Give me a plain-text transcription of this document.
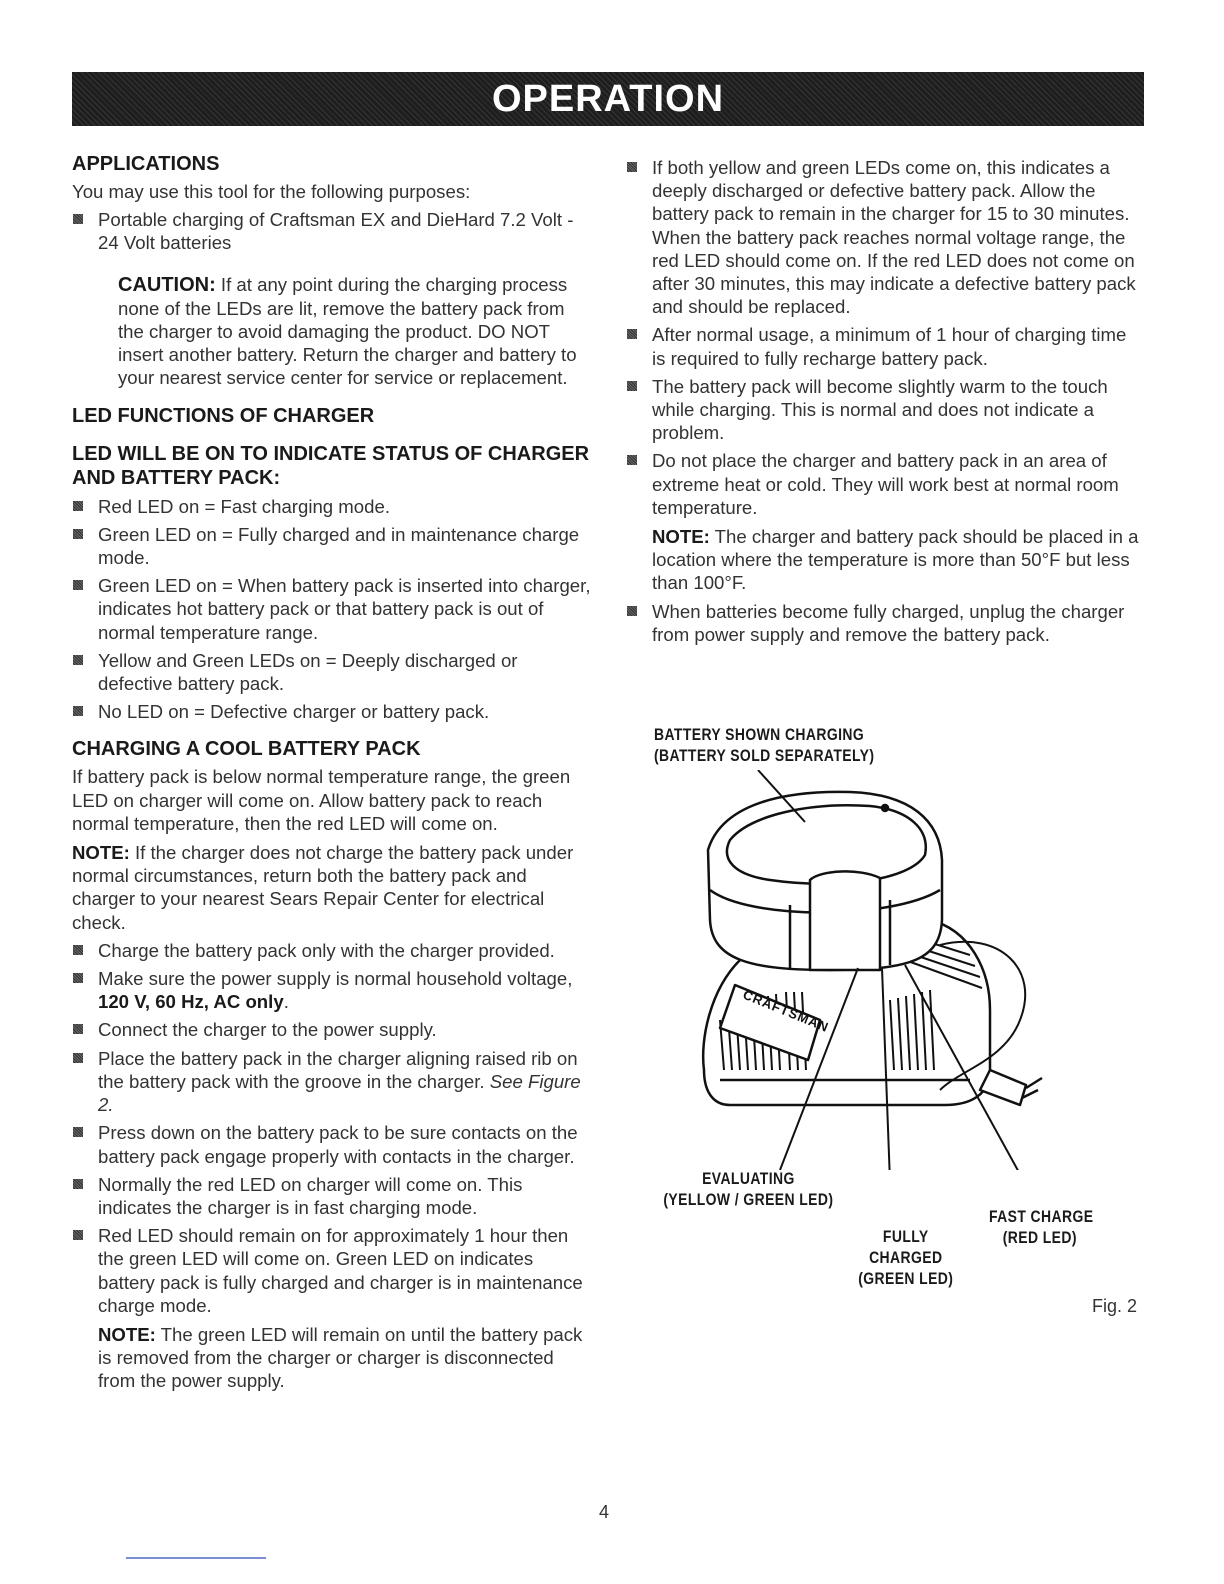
OPERATION
APPLICATIONS

You may use this tool for the following purposes:

Portable charging of Craftsman EX and DieHard 7.2 Volt - 24 Volt batteries

CAUTION: If at any point during the charging process none of the LEDs are lit, remove the battery pack from the charger to avoid damaging the product. DO NOT insert another battery. Return the charger and battery to your nearest service center for service or replacement.

LED FUNCTIONS OF CHARGER
LED WILL BE ON TO INDICATE STATUS OF CHARGER AND BATTERY PACK:
Red LED on = Fast charging mode.
Green LED on = Fully charged and in maintenance charge mode.
Green LED on = When battery pack is inserted into charger, indicates hot battery pack or that battery pack is out of normal temperature range.
Yellow and Green LEDs on = Deeply discharged or defective battery pack.
No LED on = Defective charger or battery pack.
CHARGING A COOL BATTERY PACK

If battery pack is below normal temperature range, the green LED on charger will come on. Allow battery pack to reach normal temperature, then the red LED will come on.

NOTE: If the charger does not charge the battery pack under normal circumstances, return both the battery pack and charger to your nearest Sears Repair Center for electrical check.

Charge the battery pack only with the charger provided.
Make sure the power supply is normal household voltage, 120 V, 60 Hz, AC only.
Connect the charger to the power supply.
Place the battery pack in the charger aligning raised rib on the battery pack with the groove in the charger. See Figure 2.
Press down on the battery pack to be sure contacts on the battery pack engage properly with contacts in the charger.
Normally the red LED on charger will come on. This indicates the charger is in fast charging mode.
Red LED should remain on for approximately 1 hour then the green LED will come on. Green LED on indicates battery pack is fully charged and charger is in maintenance charge mode.

NOTE: The green LED will remain on until the battery pack is removed from the charger or charger is disconnected from the power supply.

If both yellow and green LEDs come on, this indicates a deeply discharged or defective battery pack. Allow the battery pack to remain in the charger for 15 to 30 minutes. When the battery pack reaches normal voltage range, the red LED should come on. If the red LED does not come on after 30 minutes, this may indicate a defective battery pack and should be replaced.
After normal usage, a minimum of 1 hour of charging time is required to fully recharge battery pack.
The battery pack will become slightly warm to the touch while charging. This is normal and does not indicate a problem.
Do not place the charger and battery pack in an area of extreme heat or cold. They will work best at normal room temperature.

NOTE: The charger and battery pack should be placed in a location where the temperature is more than 50°F but less than 100°F.

When batteries become fully charged, unplug the charger from power supply and remove the battery pack.
BATTERY SHOWN CHARGING
(BATTERY SOLD SEPARATELY)
CRAFTSMAN
EVALUATING
(YELLOW / GREEN LED)
FULLY
CHARGED
(GREEN LED)
FAST CHARGE
(RED LED)
Fig. 2
4
